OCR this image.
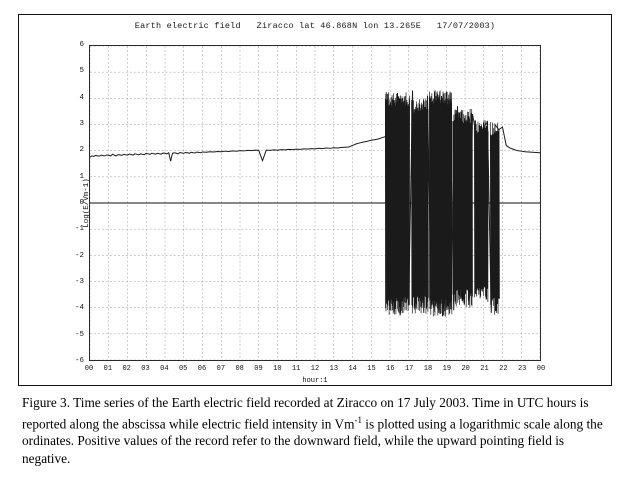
Earth electric field   Ziracco lat 46.868N lon 13.265E   17/07/2003)
6
5
4
3
2
1
0
-1
-2
-3
-4
-5
-6
00 01 02 03 04 05 06 07 08 09 10 11 12 13 14 15 16 17 18 19 20 21 22 23 00
Log(E/Vm-1)
hour:1
Figure 3. Time series of the Earth electric field recorded at Ziracco on 17 July 2003. Time in UTC hours is reported along the abscissa while electric field intensity in $Vm^{-1}$ is plotted using a logarithmic scale along the ordinates. Positive values of the record refer to the downward field, while the upward pointing field is negative.
